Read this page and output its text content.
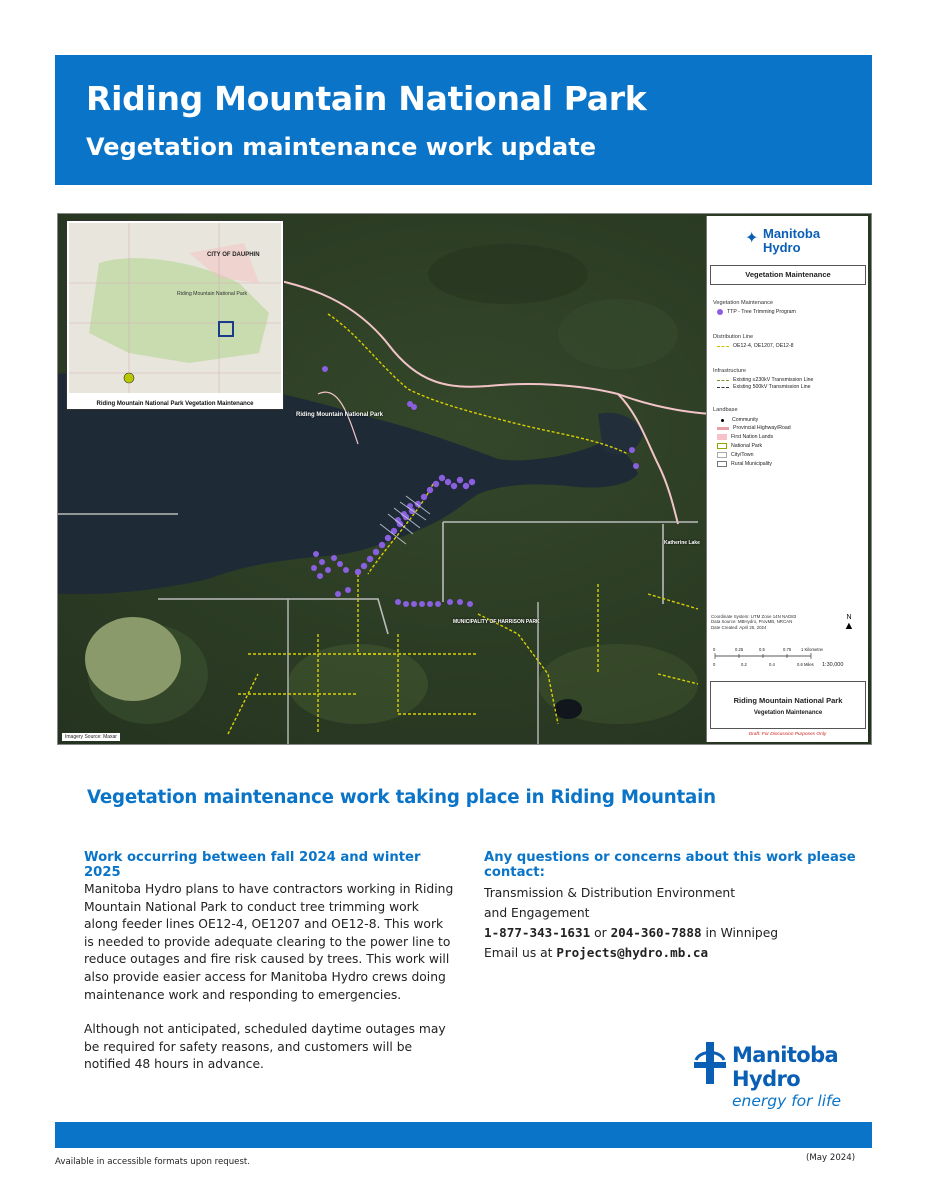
Riding Mountain National Park
Vegetation maintenance work update
Riding Mountain National Park
Katherine Lake
MUNICIPALITY OF HARRISON PARK
CITY OF DAUPHIN
Riding Mountain National Park
Riding Mountain National Park Vegetation Maintenance
Imagery Source: Maxar
✦ Manitoba
Hydro
Vegetation Maintenance
Vegetation Maintenance
TTP - Tree Trimming Program
Distribution Line
OE12-4, OE1207, OE12-8
Infrastructure
Existing ≤230kV Transmission Line
Existing 500kV Transmission Line
Landbase
Community
Provincial Highway/Road
First Nation Lands
National Park
City/Town
Rural Municipality
Coordinate System: UTM Zone 14N NAD83
Data Source: MBHydro, ProvMB, NRCAN
Date Created: April 25, 2024
N
▲
0	0.25	0.5	0.75 1 Kilometres
0	0.2	0.4	0.6 Miles 1:30,000
Riding Mountain National Park
Vegetation Maintenance
Draft: For Discussion Purposes Only
Vegetation maintenance work taking place in Riding Mountain
Work occurring between fall 2024 and winter 2025
Manitoba Hydro plans to have contractors working in Riding Mountain National Park to conduct tree trimming work along feeder lines OE12-4, OE1207 and OE12-8. This work is needed to provide adequate clearing to the power line to reduce outages and fire risk caused by trees. This work will also provide easier access for Manitoba Hydro crews doing maintenance work and responding to emergencies.
Although not anticipated, scheduled daytime outages may be required for safety reasons, and customers will be notified 48 hours in advance.
Any questions or concerns about this work please contact:
Transmission & Distribution Environment
and Engagement
1-877-343-1631 or 204-360-7888 in Winnipeg
Email us at Projects@hydro.mb.ca
Manitoba
Hydro
energy for life
Available in accessible formats upon request.	(May 2024)
